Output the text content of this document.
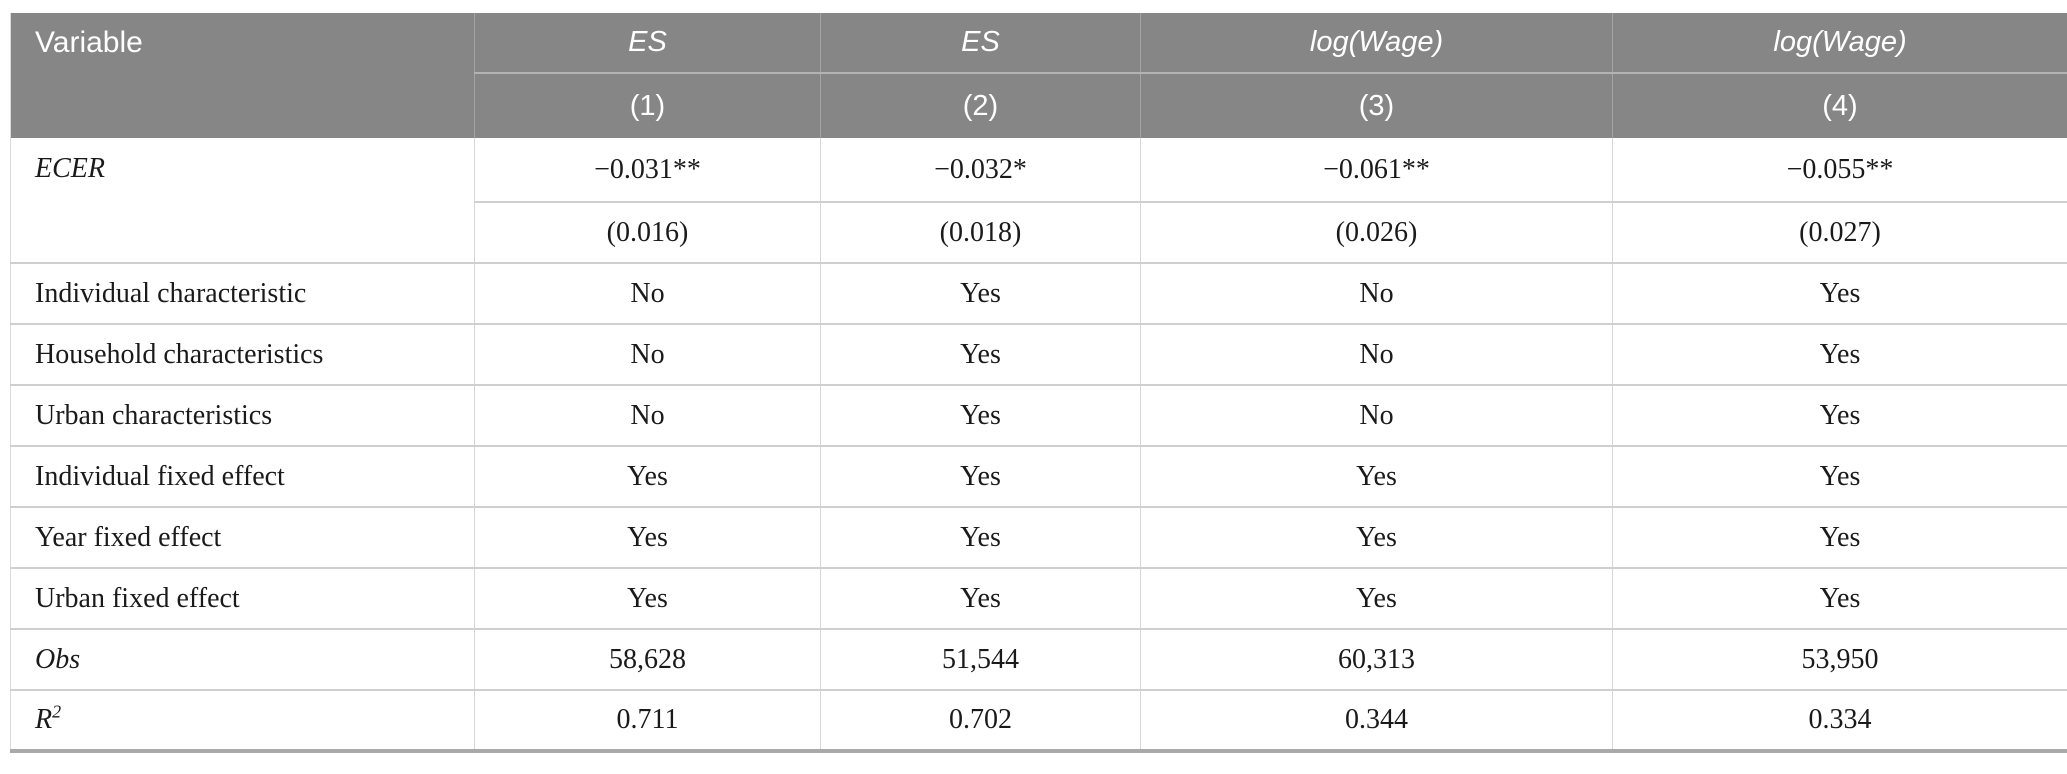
Variable	ES	ES	log(Wage)	log(Wage)
	(1)	(2)	(3)	(4)
ECER	−0.031**	−0.032*	−0.061**	−0.055**
	(0.016)	(0.018)	(0.026)	(0.027)
Individual characteristic	No	Yes	No	Yes
Household characteristics	No	Yes	No	Yes
Urban characteristics	No	Yes	No	Yes
Individual fixed effect	Yes	Yes	Yes	Yes
Year fixed effect	Yes	Yes	Yes	Yes
Urban fixed effect	Yes	Yes	Yes	Yes
Obs	58,628	51,544	60,313	53,950
$R^2$	0.711	0.702	0.344	0.334
